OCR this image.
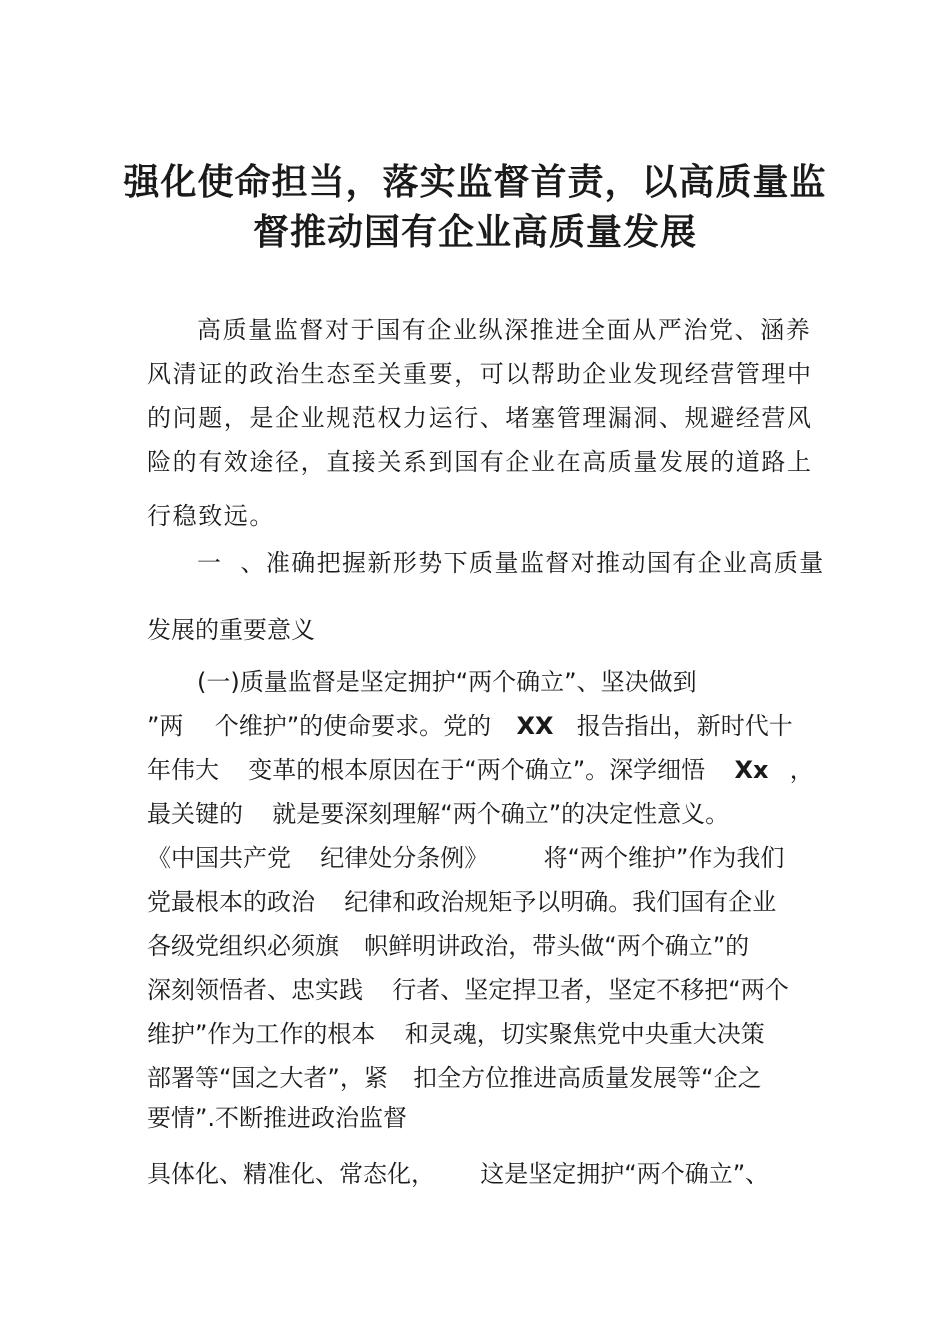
强化使命担当，落实监督首责，以高质量监
督推动国有企业高质量发展
高质量监督对于国有企业纵深推进全面从严治党、涵养
风清证的政治生态至关重要，可以帮助企业发现经营管理中
的问题，是企业规范权力运行、堵塞管理漏洞、规避经营风
险的有效途径，直接关系到国有企业在高质量发展的道路上
行稳致远。
一  、准确把握新形势下质量监督对推动国有企业高质量
发展的重要意义
(一)质量监督是坚定拥护“两个确立”、坚决做到
”两 个维护”的使命要求。党的 XX 报告指出，新时代十
年伟大 变革的根本原因在于“两个确立”。深学细悟 Xx ，
最关键的 就是要深刻理解“两个确立”的决定性意义。
《中国共产党 纪律处分条例》 将“两个维护”作为我们
党最根本的政治 纪律和政治规矩予以明确。我们国有企业
各级党组织必须旗 帜鲜明讲政治，带头做“两个确立”的
深刻领悟者、忠实践 行者、坚定捍卫者，坚定不移把“两个
维护”作为工作的根本 和灵魂，切实聚焦党中央重大决策
部署等“国之大者”，紧 扣全方位推进高质量发展等“企之
要情”.不断推进政治监督
具体化、精准化、常态化， 这是坚定拥护“两个确立”、
